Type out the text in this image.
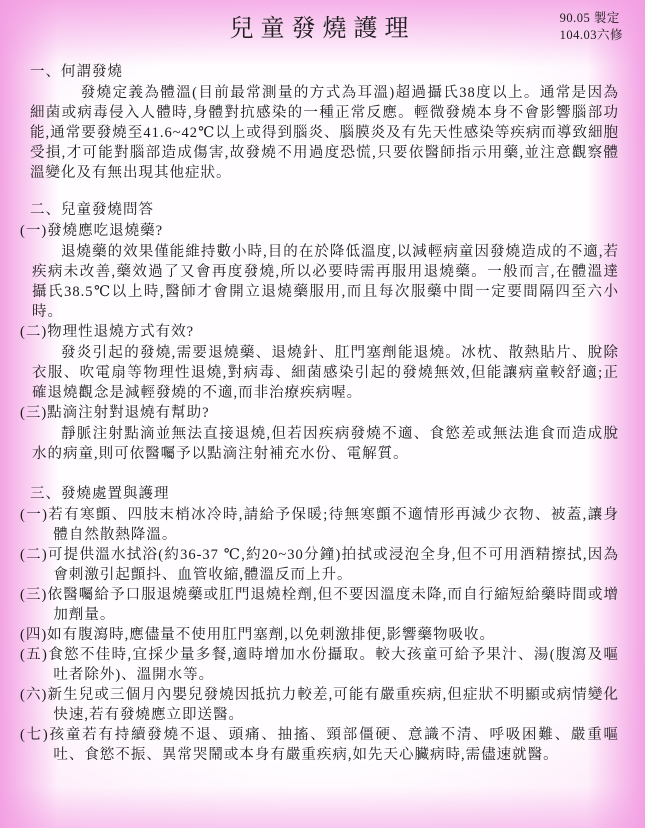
兒童發燒護理	90.05 製定
104.03六修
一、何謂發燒

發燒定義為體溫(目前最常測量的方式為耳溫)超過攝氏38度以上。通常是因為細菌或病毒侵入人體時,身體對抗感染的一種正常反應。輕微發燒本身不會影響腦部功能,通常要發燒至41.6~42℃以上或得到腦炎、腦膜炎及有先天性感染等疾病而導致細胞受損,才可能對腦部造成傷害,故發燒不用過度恐慌,只要依醫師指示用藥,並注意觀察體溫變化及有無出現其他症狀。

二、兒童發燒問答
(一)發燒應吃退燒藥?
退燒藥的效果僅能維持數小時,目的在於降低溫度,以減輕病童因發燒造成的不適,若疾病未改善,藥效過了又會再度發燒,所以必要時需再服用退燒藥。一般而言,在體溫達攝氏38.5℃以上時,醫師才會開立退燒藥服用,而且每次服藥中間一定要間隔四至六小時。
(二)物理性退燒方式有效?
發炎引起的發燒,需要退燒藥、退燒針、肛門塞劑能退燒。冰枕、散熱貼片、脫除衣服、吹電扇等物理性退燒,對病毒、細菌感染引起的發燒無效,但能讓病童較舒適;正確退燒觀念是減輕發燒的不適,而非治療疾病喔。
(三)點滴注射對退燒有幫助?
靜脈注射點滴並無法直接退燒,但若因疾病發燒不適、食慾差或無法進食而造成脫水的病童,則可依醫囑予以點滴注射補充水份、電解質。
三、發燒處置與護理
(一)若有寒顫、四肢末梢冰冷時,請給予保暖;待無寒顫不適情形再減少衣物、被蓋,讓身體自然散熱降溫。
(二)可提供溫水拭浴(約36-37 ℃,約20~30分鐘)拍拭或浸泡全身,但不可用酒精擦拭,因為會刺激引起顫抖、血管收縮,體溫反而上升。
(三)依醫囑給予口服退燒藥或肛門退燒栓劑,但不要因溫度未降,而自行縮短給藥時間或增加劑量。
(四)如有腹瀉時,應儘量不使用肛門塞劑,以免刺激排便,影響藥物吸收。
(五)食慾不佳時,宜採少量多餐,適時增加水份攝取。較大孩童可給予果汁、湯(腹瀉及嘔吐者除外)、溫開水等。
(六)新生兒或三個月內嬰兒發燒因抵抗力較差,可能有嚴重疾病,但症狀不明顯或病情變化快速,若有發燒應立即送醫。
(七)孩童若有持續發燒不退、頭痛、抽搐、頸部僵硬、意識不清、呼吸困難、嚴重嘔吐、食慾不振、異常哭鬧或本身有嚴重疾病,如先天心臟病時,需儘速就醫。
